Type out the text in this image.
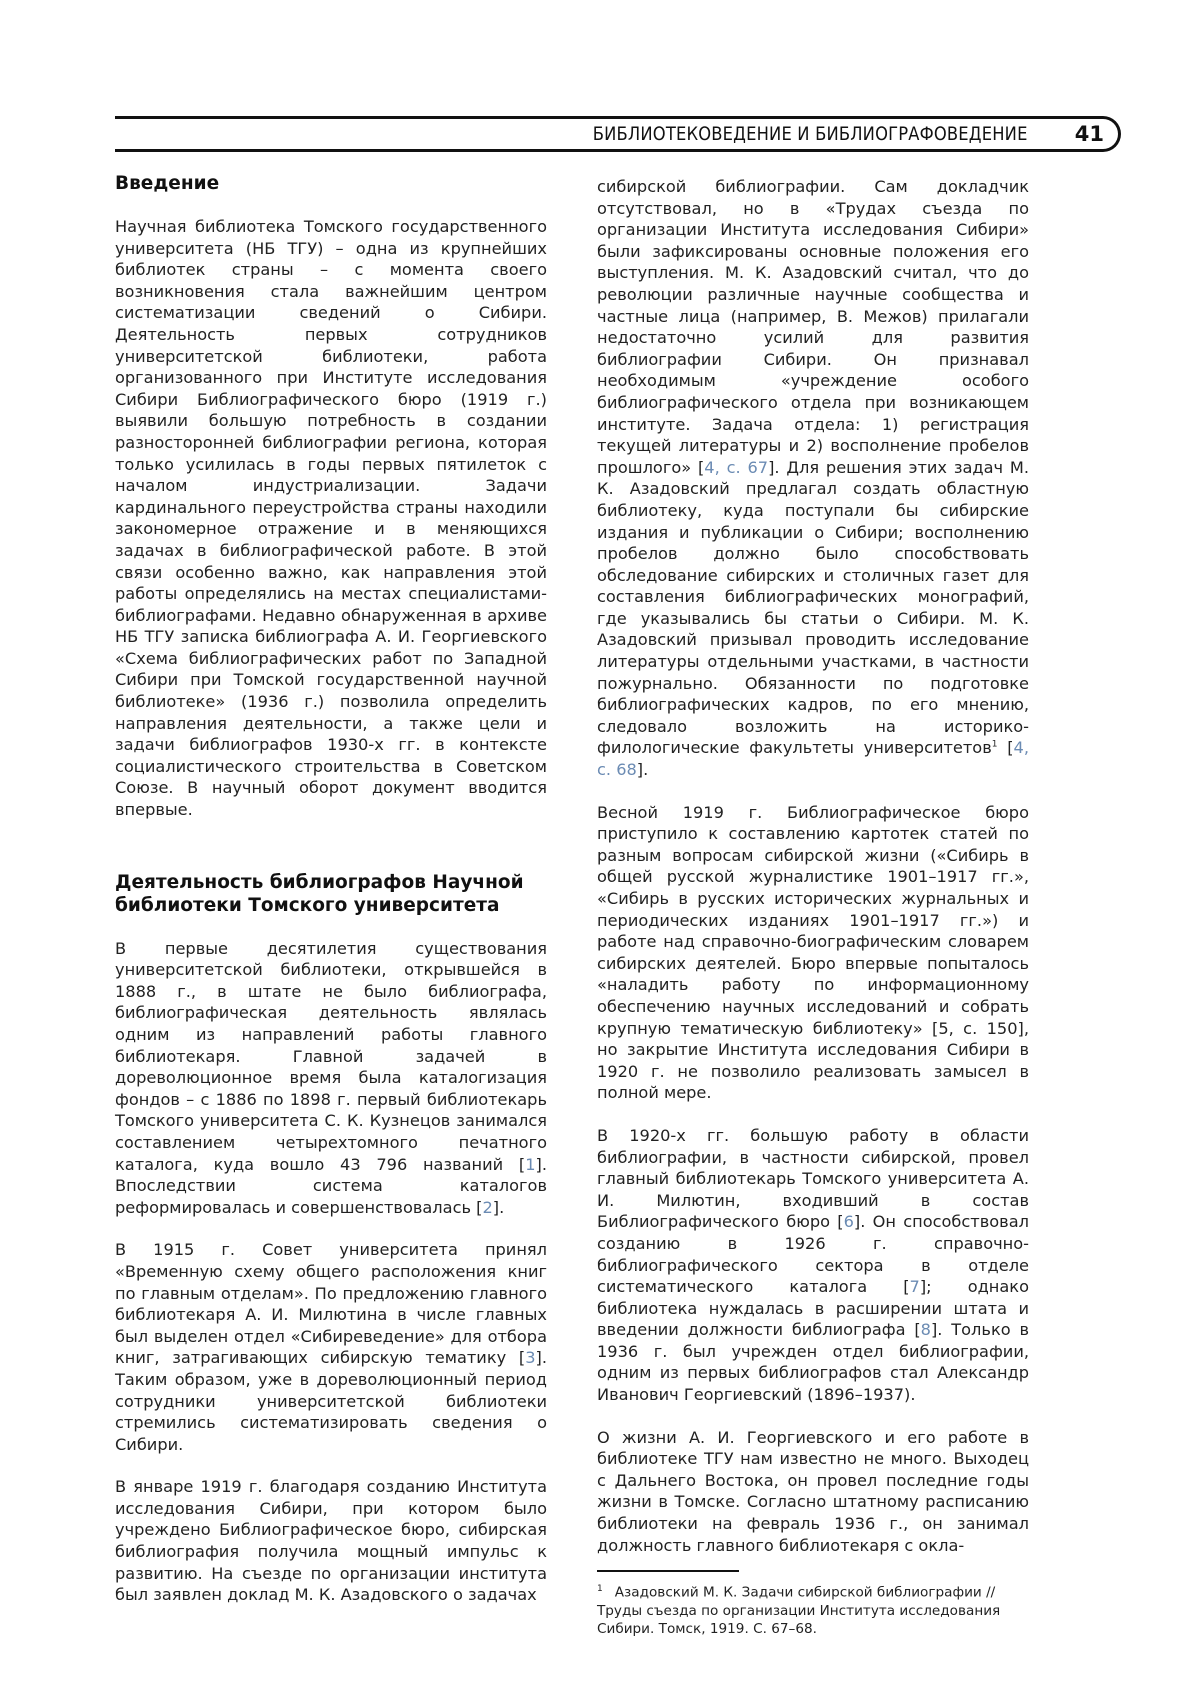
БИБЛИОТЕКОВЕДЕНИЕ И БИБЛИОГРАФОВЕДЕНИЕ 41
Введение

Научная библиотека Томского государственного университета (НБ ТГУ) – одна из крупнейших библиотек страны – с момента своего возникновения стала важнейшим центром систематизации сведений о Сибири. Деятельность первых сотрудников университетской библиотеки, работа организованного при Институте исследования Сибири Библиографического бюро (1919 г.) выявили большую потребность в создании разносторонней библиографии региона, которая только усилилась в годы первых пятилеток с началом индустриализации. Задачи кардинального переустройства страны находили закономерное отражение и в меняющихся задачах в библиографической работе. В этой связи особенно важно, как направления этой работы определялись на местах специалистами-библиографами. Недавно обнаруженная в архиве НБ ТГУ записка библиографа А. И. Георгиевского «Схема библиографических работ по Западной Сибири при Томской государственной научной библиотеке» (1936 г.) позволила определить направления деятельности, а также цели и задачи библиографов 1930-х гг. в контексте социалистического строительства в Советском Союзе. В научный оборот документ вводится впервые.

Деятельность библиографов Научной библиотеки Томского университета

В первые десятилетия существования университетской библиотеки, открывшейся в 1888 г., в штате не было библиографа, библиографическая деятельность являлась одним из направлений работы главного библиотекаря. Главной задачей в дореволюционное время была каталогизация фондов – с 1886 по 1898 г. первый библиотекарь Томского университета С. К. Кузнецов занимался составлением четырехтомного печатного каталога, куда вошло 43 796 названий [1]. Впоследствии система каталогов реформировалась и совершенствовалась [2].

В 1915 г. Совет университета принял «Временную схему общего расположения книг по главным отделам». По предложению главного библиотекаря А. И. Милютина в числе главных был выделен отдел «Сибиреведение» для отбора книг, затрагивающих сибирскую тематику [3]. Таким образом, уже в дореволюционный период сотрудники университетской библиотеки стремились систематизировать сведения о Сибири.

В январе 1919 г. благодаря созданию Института исследования Сибири, при котором было учреждено Библиографическое бюро, сибирская библиография получила мощный импульс к развитию. На съезде по организации института был заявлен доклад М. К. Азадовского о задачах

сибирской библиографии. Сам докладчик отсутствовал, но в «Трудах съезда по организации Института исследования Сибири» были зафиксированы основные положения его выступления. М. К. Азадовский считал, что до революции различные научные сообщества и частные лица (например, В. Межов) прилагали недостаточно усилий для развития библиографии Сибири. Он признавал необходимым «учреждение особого библиографического отдела при возникающем институте. Задача отдела: 1) регистрация текущей литературы и 2) восполнение пробелов прошлого» [4, с. 67]. Для решения этих задач М. К. Азадовский предлагал создать областную библиотеку, куда поступали бы сибирские издания и публикации о Сибири; восполнению пробелов должно было способствовать обследование сибирских и столичных газет для составления библиографических монографий, где указывались бы статьи о Сибири. М. К. Азадовский призывал проводить исследование литературы отдельными участками, в частности пожурнально. Обязанности по подготовке библиографических кадров, по его мнению, следовало возложить на историко-филологические факультеты университетов$^1$ [4, с. 68].

Весной 1919 г. Библиографическое бюро приступило к составлению картотек статей по разным вопросам сибирской жизни («Сибирь в общей русской журналистике 1901–1917 гг.», «Сибирь в русских исторических журнальных и периодических изданиях 1901–1917 гг.») и работе над справочно-биографическим словарем сибирских деятелей. Бюро впервые попыталось «наладить работу по информационному обеспечению научных исследований и собрать крупную тематическую библиотеку» [5, с. 150], но закрытие Института исследования Сибири в 1920 г. не позволило реализовать замысел в полной мере.

В 1920-х гг. большую работу в области библиографии, в частности сибирской, провел главный библиотекарь Томского университета А. И. Милютин, входивший в состав Библиографического бюро [6]. Он способствовал созданию в 1926 г. справочно-библиографического сектора в отделе систематического каталога [7]; однако библиотека нуждалась в расширении штата и введении должности библиографа [8]. Только в 1936 г. был учрежден отдел библиографии, одним из первых библиографов стал Александр Иванович Георгиевский (1896–1937).

О жизни А. И. Георгиевского и его работе в библиотеке ТГУ нам известно не много. Выходец с Дальнего Востока, он провел последние годы жизни в Томске. Согласно штатному расписанию библиотеки на февраль 1936 г., он занимал должность главного библиотекаря с окла-

$^1$ Азадовский М. К. Задачи сибирской библиографии // Труды съезда по организации Института исследования Сибири. Томск, 1919. С. 67–68.
